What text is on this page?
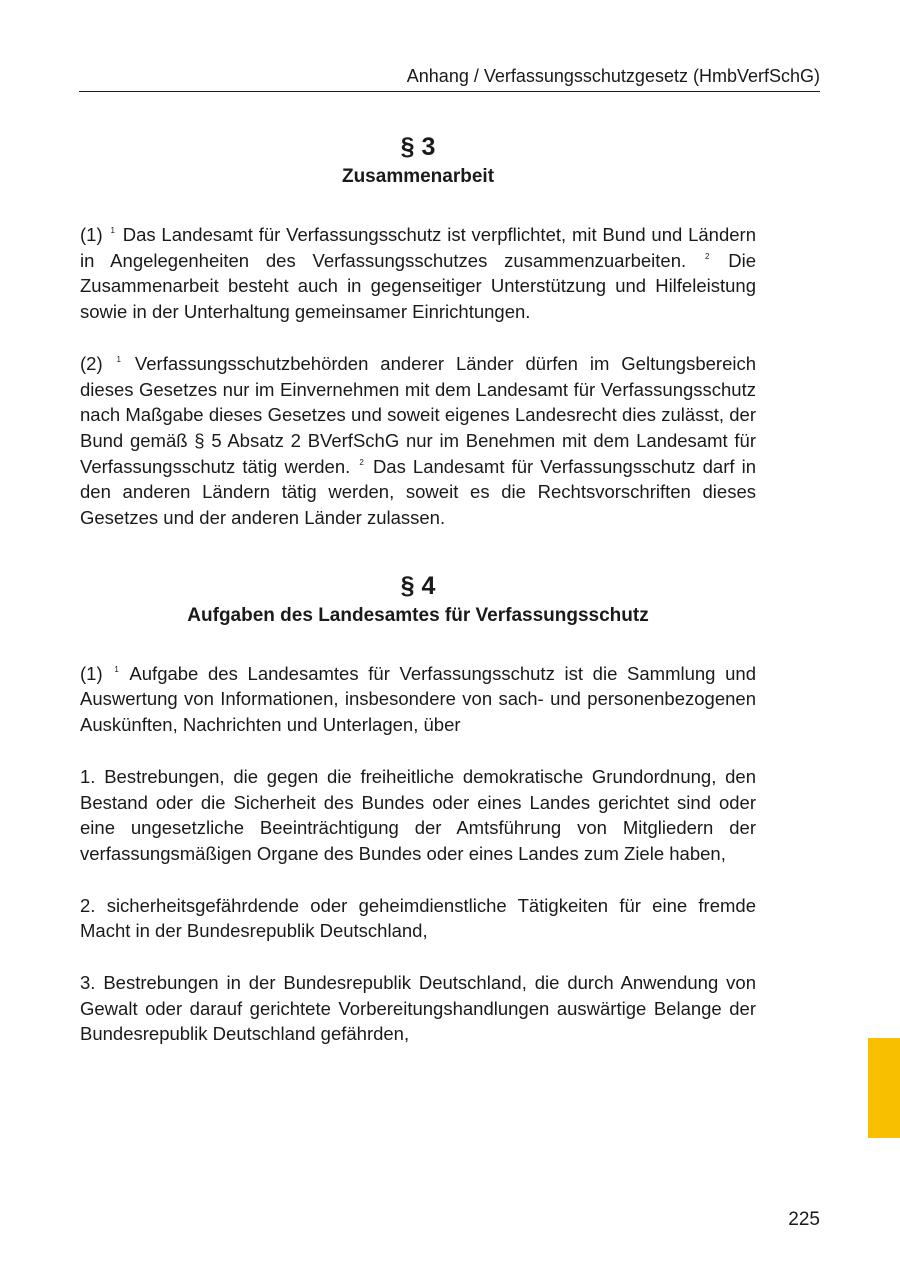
Anhang / Verfassungsschutzgesetz (HmbVerfSchG)
§ 3
Zusammenarbeit

(1) $^1$ Das Landesamt für Verfassungsschutz ist verpflichtet, mit Bund und Ländern in Angelegenheiten des Verfassungsschutzes zusammenzuarbeiten. $^2$ Die Zusammenarbeit besteht auch in gegenseitiger Unterstützung und Hilfeleistung sowie in der Unterhaltung gemeinsamer Einrichtungen.

(2) $^1$ Verfassungsschutzbehörden anderer Länder dürfen im Geltungsbereich dieses Gesetzes nur im Einvernehmen mit dem Landesamt für Verfassungsschutz nach Maßgabe dieses Gesetzes und soweit eigenes Landesrecht dies zulässt, der Bund gemäß § 5 Absatz 2 BVerfSchG nur im Benehmen mit dem Landesamt für Verfassungsschutz tätig werden. $^2$ Das Landesamt für Verfassungsschutz darf in den anderen Ländern tätig werden, soweit es die Rechtsvorschriften dieses Gesetzes und der anderen Länder zulassen.

§ 4
Aufgaben des Landesamtes für Verfassungsschutz

(1) $^1$ Aufgabe des Landesamtes für Verfassungsschutz ist die Sammlung und Auswertung von Informationen, insbesondere von sach- und personenbezogenen Auskünften, Nachrichten und Unterlagen, über

1. Bestrebungen, die gegen die freiheitliche demokratische Grundordnung, den Bestand oder die Sicherheit des Bundes oder eines Landes gerichtet sind oder eine ungesetzliche Beeinträchtigung der Amtsführung von Mitgliedern der verfassungsmäßigen Organe des Bundes oder eines Landes zum Ziele haben,

2. sicherheitsgefährdende oder geheimdienstliche Tätigkeiten für eine fremde Macht in der Bundesrepublik Deutschland,

3. Bestrebungen in der Bundesrepublik Deutschland, die durch Anwendung von Gewalt oder darauf gerichtete Vorbereitungshandlungen auswärtige Belange der Bundesrepublik Deutschland gefährden,

225
